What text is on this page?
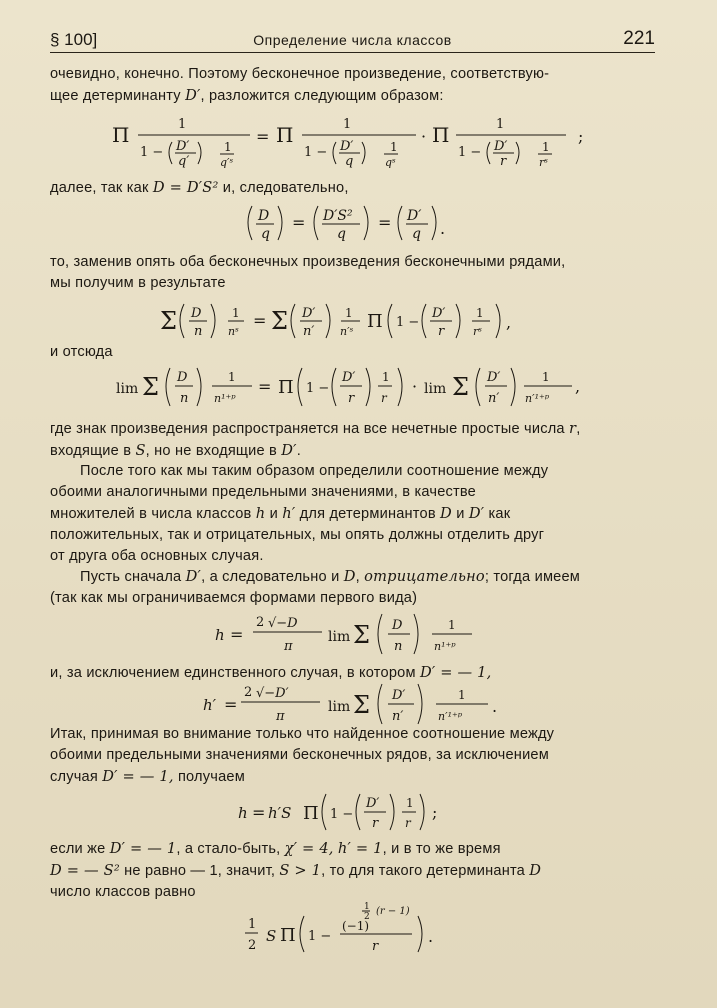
§ 100]	Определение числа классов	221
очевидно, конечно. Поэтому бесконечное произведение, соответствую-
щее детерминанту D′, разложится следующим образом:
Π	1
1 − D′
q′
1
q′ˢ
= Π	1
1 − D′
q
1
qˢ
· Π	1
1 − D′
r
1
rˢ
;
далее, так как D = D′S² и, следовательно,
D
q
= D′S²
q
= D′
q .
то, заменив опять оба бесконечных произведения бесконечными рядами,
мы получим в результате
Σ D
n
1
nˢ
= Σ D′
n′
1
n′ˢ Π 1 −
D′
r
1
rˢ ,
и отсюда
lim Σ D
n
1
n¹⁺ᵖ
= Π 1 −
D′
r
1
r
· lim Σ D′
n′
1
n′¹⁺ᵖ
,
где знак произведения распространяется на все нечетные простые числа r,
входящие в S, но не входящие в D′.
После того как мы таким образом определили соотношение между
обоими аналогичными предельными значениями, в качестве
множителей в числа классов h и h′ для детерминантов D и D′ как
положительных, так и отрицательных, мы опять должны отделить друг
от друга оба основных случая.
Пусть сначала D′, а следовательно и D, отрицательно; тогда имеем
(так как мы ограничиваемся формами первого вида)
h =
2 √−D
π
lim Σ D
n
1
n¹⁺ᵖ
и, за исключением единственного случая, в котором D′ = — 1,
h′ =
2 √−D′
π
lim Σ D′
n′
1
n′¹⁺ᵖ
.
Итак, принимая во внимание только что найденное соотношение между
обоими предельными значениями бесконечных рядов, за исключением
случая D′ = — 1, получаем
h = h′S Π 1 −
D′
r
1
r
;
если же D′ = — 1, а стало-быть, χ′ = 4, h′ = 1, и в то же время
D = — S² не равно — 1, значит, S > 1, то для такого детерминанта D
число классов равно
1
2
S Π 1 −
1
2 (r − 1)
(−1)
r
.
